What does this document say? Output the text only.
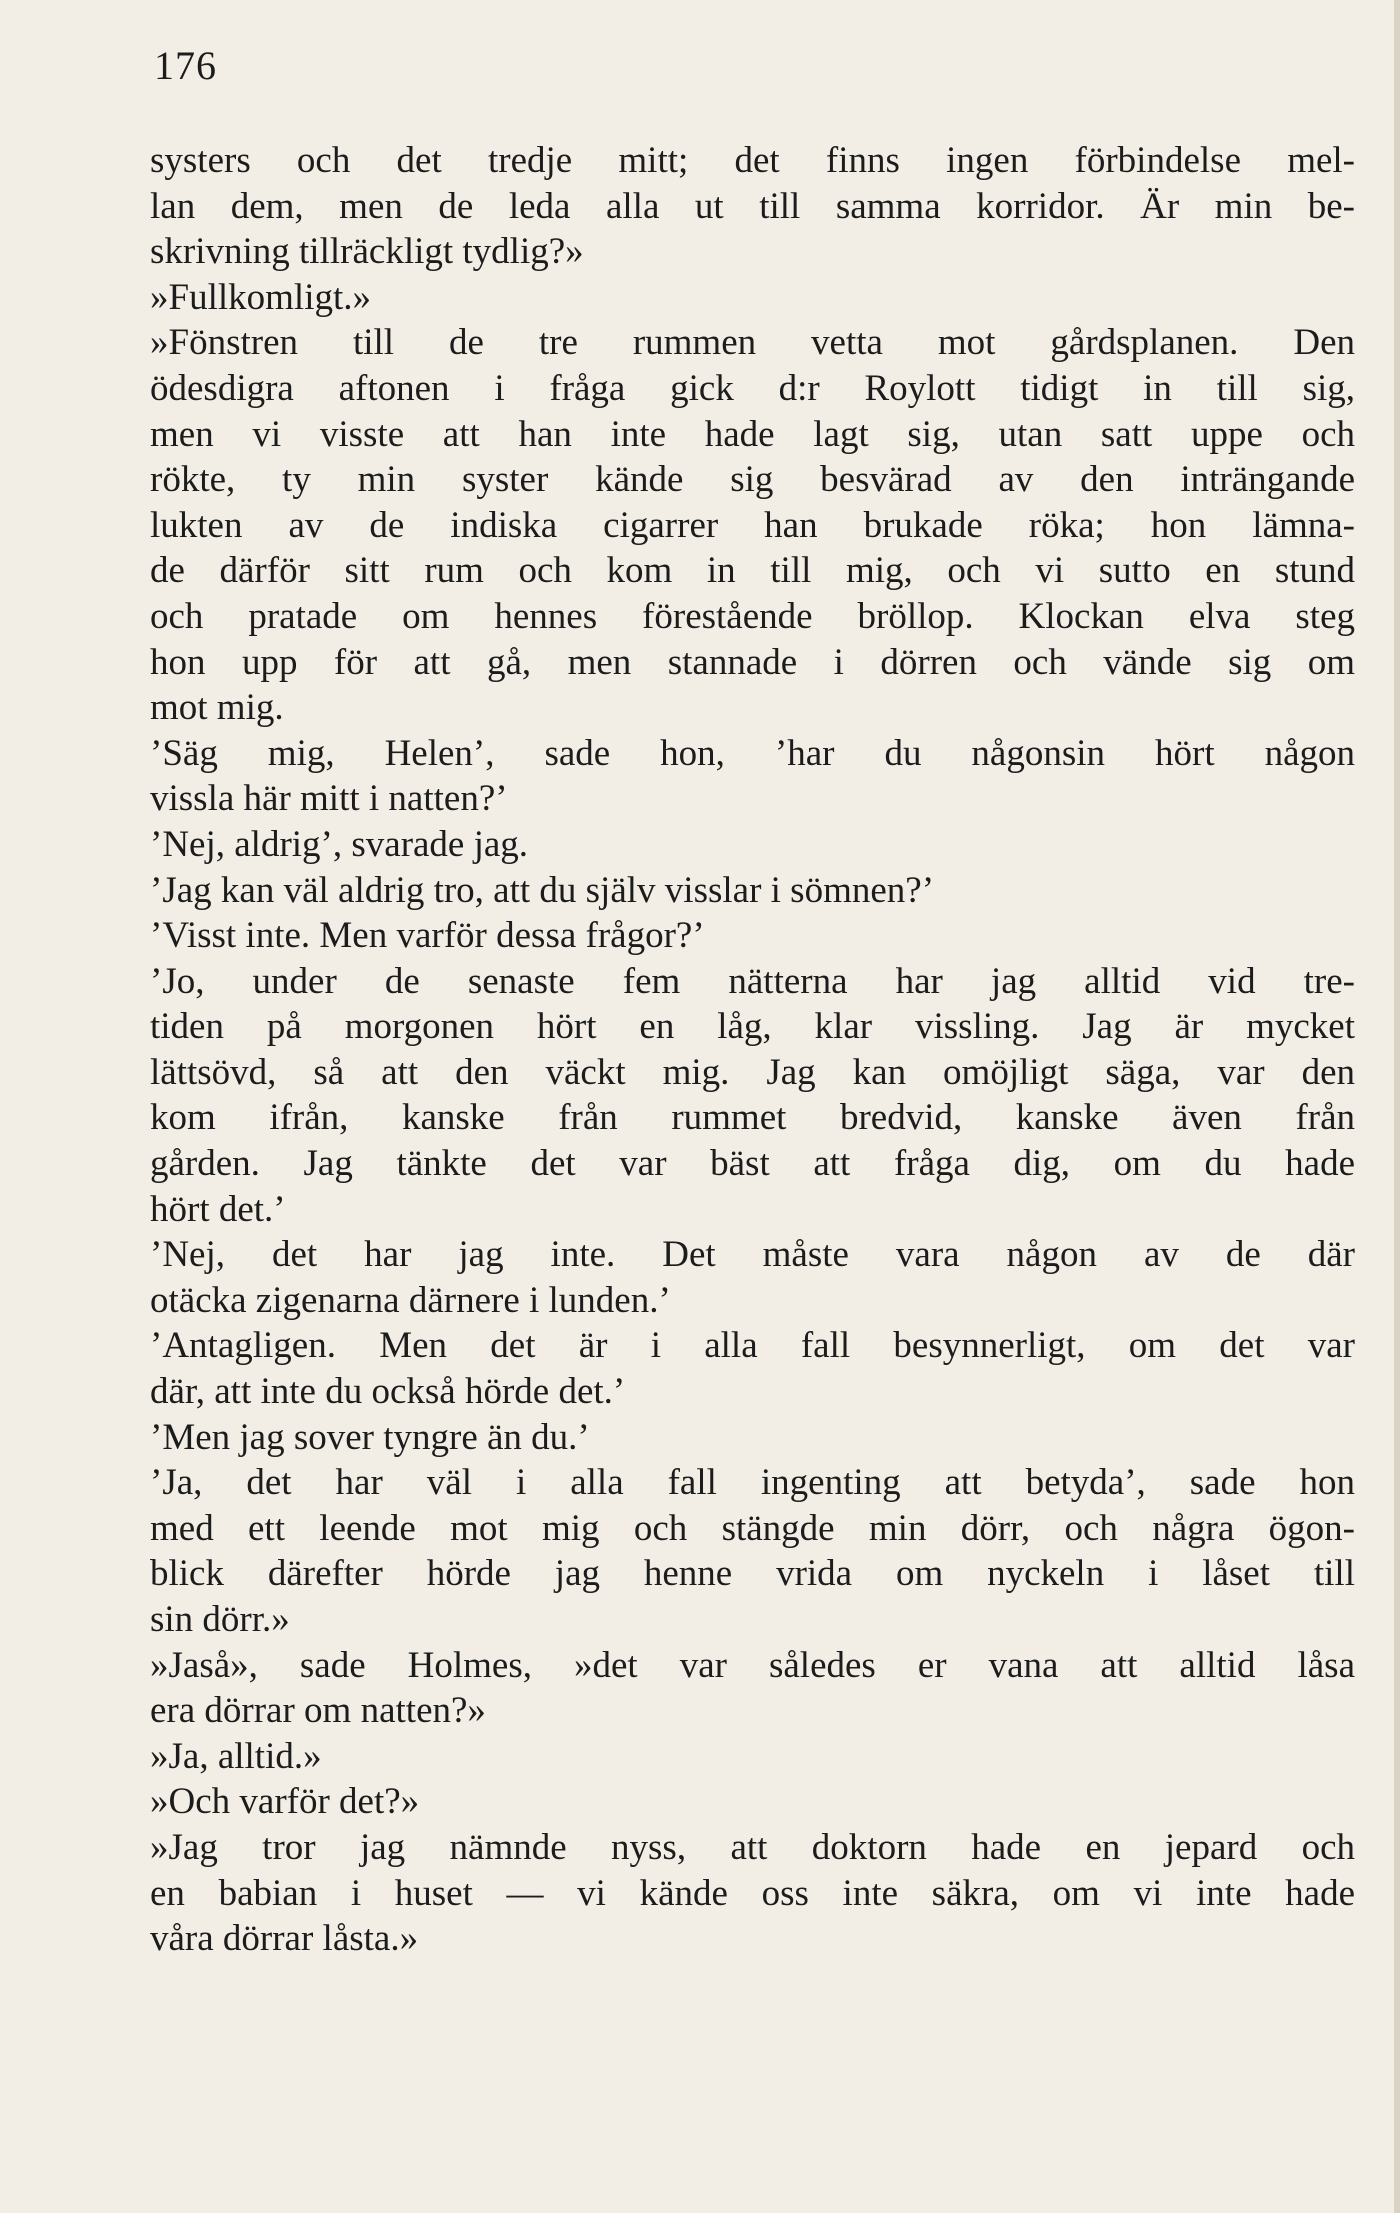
176
systers och det tredje mitt; det finns ingen förbindelse mel-
lan dem, men de leda alla ut till samma korridor. Är min be-
skrivning tillräckligt tydlig?»
»Fullkomligt.»
»Fönstren till de tre rummen vetta mot gårdsplanen. Den
ödesdigra aftonen i fråga gick d:r Roylott tidigt in till sig,
men vi visste att han inte hade lagt sig, utan satt uppe och
rökte, ty min syster kände sig besvärad av den inträngande
lukten av de indiska cigarrer han brukade röka; hon lämna-
de därför sitt rum och kom in till mig, och vi sutto en stund
och pratade om hennes förestående bröllop. Klockan elva steg
hon upp för att gå, men stannade i dörren och vände sig om
mot mig.
’Säg mig, Helen’, sade hon, ’har du någonsin hört någon
vissla här mitt i natten?’
’Nej, aldrig’, svarade jag.
’Jag kan väl aldrig tro, att du själv visslar i sömnen?’
’Visst inte. Men varför dessa frågor?’
’Jo, under de senaste fem nätterna har jag alltid vid tre-
tiden på morgonen hört en låg, klar vissling. Jag är mycket
lättsövd, så att den väckt mig. Jag kan omöjligt säga, var den
kom ifrån, kanske från rummet bredvid, kanske även från
gården. Jag tänkte det var bäst att fråga dig, om du hade
hört det.’
’Nej, det har jag inte. Det måste vara någon av de där
otäcka zigenarna därnere i lunden.’
’Antagligen. Men det är i alla fall besynnerligt, om det var
där, att inte du också hörde det.’
’Men jag sover tyngre än du.’
’Ja, det har väl i alla fall ingenting att betyda’, sade hon
med ett leende mot mig och stängde min dörr, och några ögon-
blick därefter hörde jag henne vrida om nyckeln i låset till
sin dörr.»
»Jaså», sade Holmes, »det var således er vana att alltid låsa
era dörrar om natten?»
»Ja, alltid.»
»Och varför det?»
»Jag tror jag nämnde nyss, att doktorn hade en jepard och
en babian i huset — vi kände oss inte säkra, om vi inte hade
våra dörrar låsta.»
